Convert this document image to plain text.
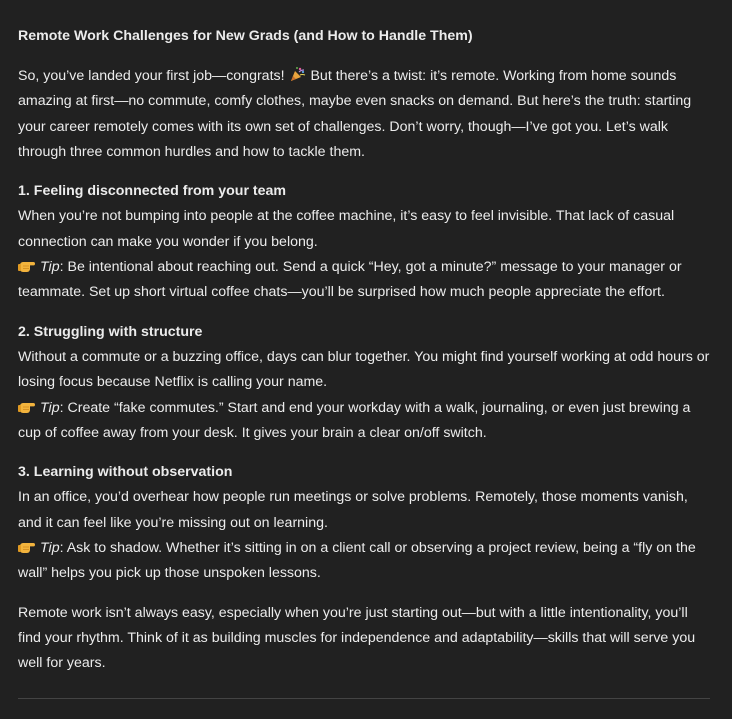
Remote Work Challenges for New Grads (and How to Handle Them)

So, you’ve landed your first job—congrats! But there’s a twist: it’s remote. Working from home sounds amazing at first—no commute, comfy clothes, maybe even snacks on demand. But here’s the truth: starting your career remotely comes with its own set of challenges. Don’t worry, though—I’ve got you. Let’s walk through three common hurdles and how to tackle them.

1. Feeling disconnected from your team

When you’re not bumping into people at the coffee machine, it’s easy to feel invisible. That lack of casual connection can make you wonder if you belong.

Tip: Be intentional about reaching out. Send a quick “Hey, got a minute?” message to your manager or teammate. Set up short virtual coffee chats—you’ll be surprised how much people appreciate the effort.

2. Struggling with structure

Without a commute or a buzzing office, days can blur together. You might find yourself working at odd hours or losing focus because Netflix is calling your name.

Tip: Create “fake commutes.” Start and end your workday with a walk, journaling, or even just brewing a cup of coffee away from your desk. It gives your brain a clear on/off switch.

3. Learning without observation

In an office, you’d overhear how people run meetings or solve problems. Remotely, those moments vanish, and it can feel like you’re missing out on learning.

Tip: Ask to shadow. Whether it’s sitting in on a client call or observing a project review, being a “fly on the wall” helps you pick up those unspoken lessons.

Remote work isn’t always easy, especially when you’re just starting out—but with a little intentionality, you’ll find your rhythm. Think of it as building muscles for independence and adaptability—skills that will serve you well for years.
